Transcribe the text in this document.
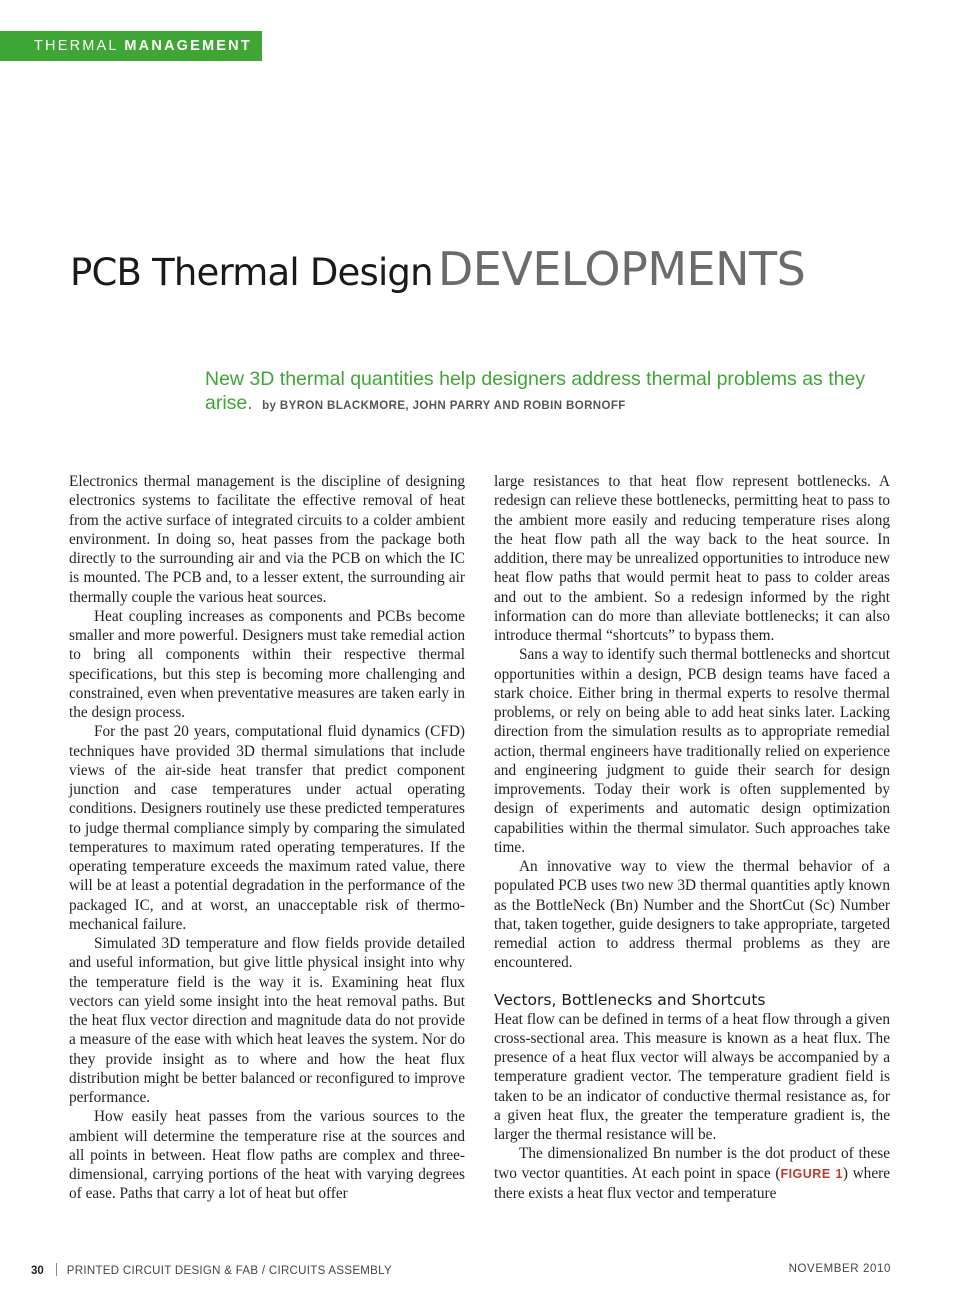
THERMAL MANAGEMENT
PCB Thermal Design DEVELOPMENTS
New 3D thermal quantities help designers address thermal problems as they arise. by BYRON BLACKMORE, JOHN PARRY AND ROBIN BORNOFF

Electronics thermal management is the discipline of designing electronics systems to facilitate the effective removal of heat from the active surface of integrated circuits to a colder ambient environment. In doing so, heat passes from the package both directly to the surrounding air and via the PCB on which the IC is mounted. The PCB and, to a lesser extent, the surrounding air thermally couple the various heat sources.

Heat coupling increases as components and PCBs become smaller and more powerful. Designers must take remedial action to bring all components within their respective thermal specifications, but this step is becoming more challenging and constrained, even when preventative measures are taken early in the design process.

For the past 20 years, computational fluid dynamics (CFD) techniques have provided 3D thermal simulations that include views of the air-side heat transfer that predict component junction and case temperatures under actual operating conditions. Designers routinely use these predicted temperatures to judge thermal compliance simply by comparing the simulated temperatures to maximum rated operating temperatures. If the operating temperature exceeds the maximum rated value, there will be at least a potential degradation in the performance of the packaged IC, and at worst, an unacceptable risk of thermo-mechanical failure.

Simulated 3D temperature and flow fields provide detailed and useful information, but give little physical insight into why the temperature field is the way it is. Examining heat flux vectors can yield some insight into the heat removal paths. But the heat flux vector direction and magnitude data do not provide a measure of the ease with which heat leaves the system. Nor do they provide insight as to where and how the heat flux distribution might be better balanced or reconfigured to improve performance.

How easily heat passes from the various sources to the ambient will determine the temperature rise at the sources and all points in between. Heat flow paths are complex and three-dimensional, carrying portions of the heat with varying degrees of ease. Paths that carry a lot of heat but offer

large resistances to that heat flow represent bottlenecks. A redesign can relieve these bottlenecks, permitting heat to pass to the ambient more easily and reducing temperature rises along the heat flow path all the way back to the heat source. In addition, there may be unrealized opportunities to introduce new heat flow paths that would permit heat to pass to colder areas and out to the ambient. So a redesign informed by the right information can do more than alleviate bottlenecks; it can also introduce thermal “shortcuts” to bypass them.

Sans a way to identify such thermal bottlenecks and shortcut opportunities within a design, PCB design teams have faced a stark choice. Either bring in thermal experts to resolve thermal problems, or rely on being able to add heat sinks later. Lacking direction from the simulation results as to appropriate remedial action, thermal engineers have traditionally relied on experience and engineering judgment to guide their search for design improvements. Today their work is often supplemented by design of experiments and automatic design optimization capabilities within the thermal simulator. Such approaches take time.

An innovative way to view the thermal behavior of a populated PCB uses two new 3D thermal quantities aptly known as the BottleNeck (Bn) Number and the ShortCut (Sc) Number that, taken together, guide designers to take appropriate, targeted remedial action to address thermal problems as they are encountered.

Vectors, Bottlenecks and Shortcuts

Heat flow can be defined in terms of a heat flow through a given cross-sectional area. This measure is known as a heat flux. The presence of a heat flux vector will always be accompanied by a temperature gradient vector. The temperature gradient field is taken to be an indicator of conductive thermal resistance as, for a given heat flux, the greater the temperature gradient is, the larger the thermal resistance will be.

The dimensionalized Bn number is the dot product of these two vector quantities. At each point in space (FIGURE 1) where there exists a heat flux vector and temperature

30 PRINTED CIRCUIT DESIGN & FAB / CIRCUITS ASSEMBLY	NOVEMBER 2010
